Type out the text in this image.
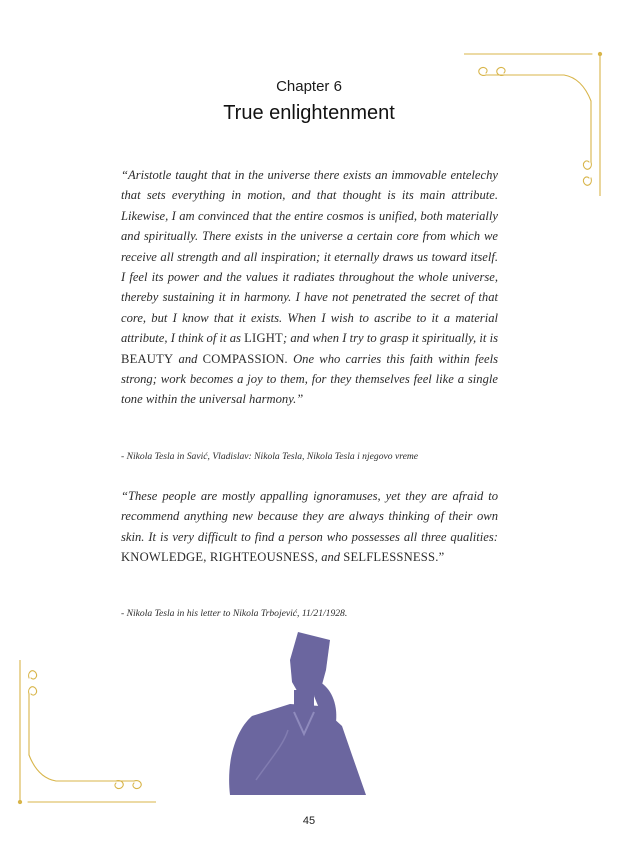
Chapter 6
True enlightenment

“Aristotle taught that in the universe there exists an immovable entelechy that sets everything in motion, and that thought is its main attribute. Likewise, I am convinced that the entire cosmos is unified, both materially and spiritually. There exists in the universe a certain core from which we receive all strength and all inspiration; it eternally draws us toward itself. I feel its power and the values it radiates throughout the whole universe, thereby sustaining it in harmony. I have not penetrated the secret of that core, but I know that it exists. When I wish to ascribe to it a material attribute, I think of it as LIGHT; and when I try to grasp it spiritually, it is BEAUTY and COMPASSION. One who carries this faith within feels strong; work becomes a joy to them, for they themselves feel like a single tone within the universal harmony.”

- Nikola Tesla in Savić, Vladislav: Nikola Tesla, Nikola Tesla i njegovo vreme

“These people are mostly appalling ignoramuses, yet they are afraid to recommend anything new because they are always thinking of their own skin. It is very difficult to find a person who possesses all three qualities: KNOWLEDGE, RIGHTEOUSNESS, and SELFLESSNESS.”

- Nikola Tesla in his letter to Nikola Trbojević, 11/21/1928.
45
